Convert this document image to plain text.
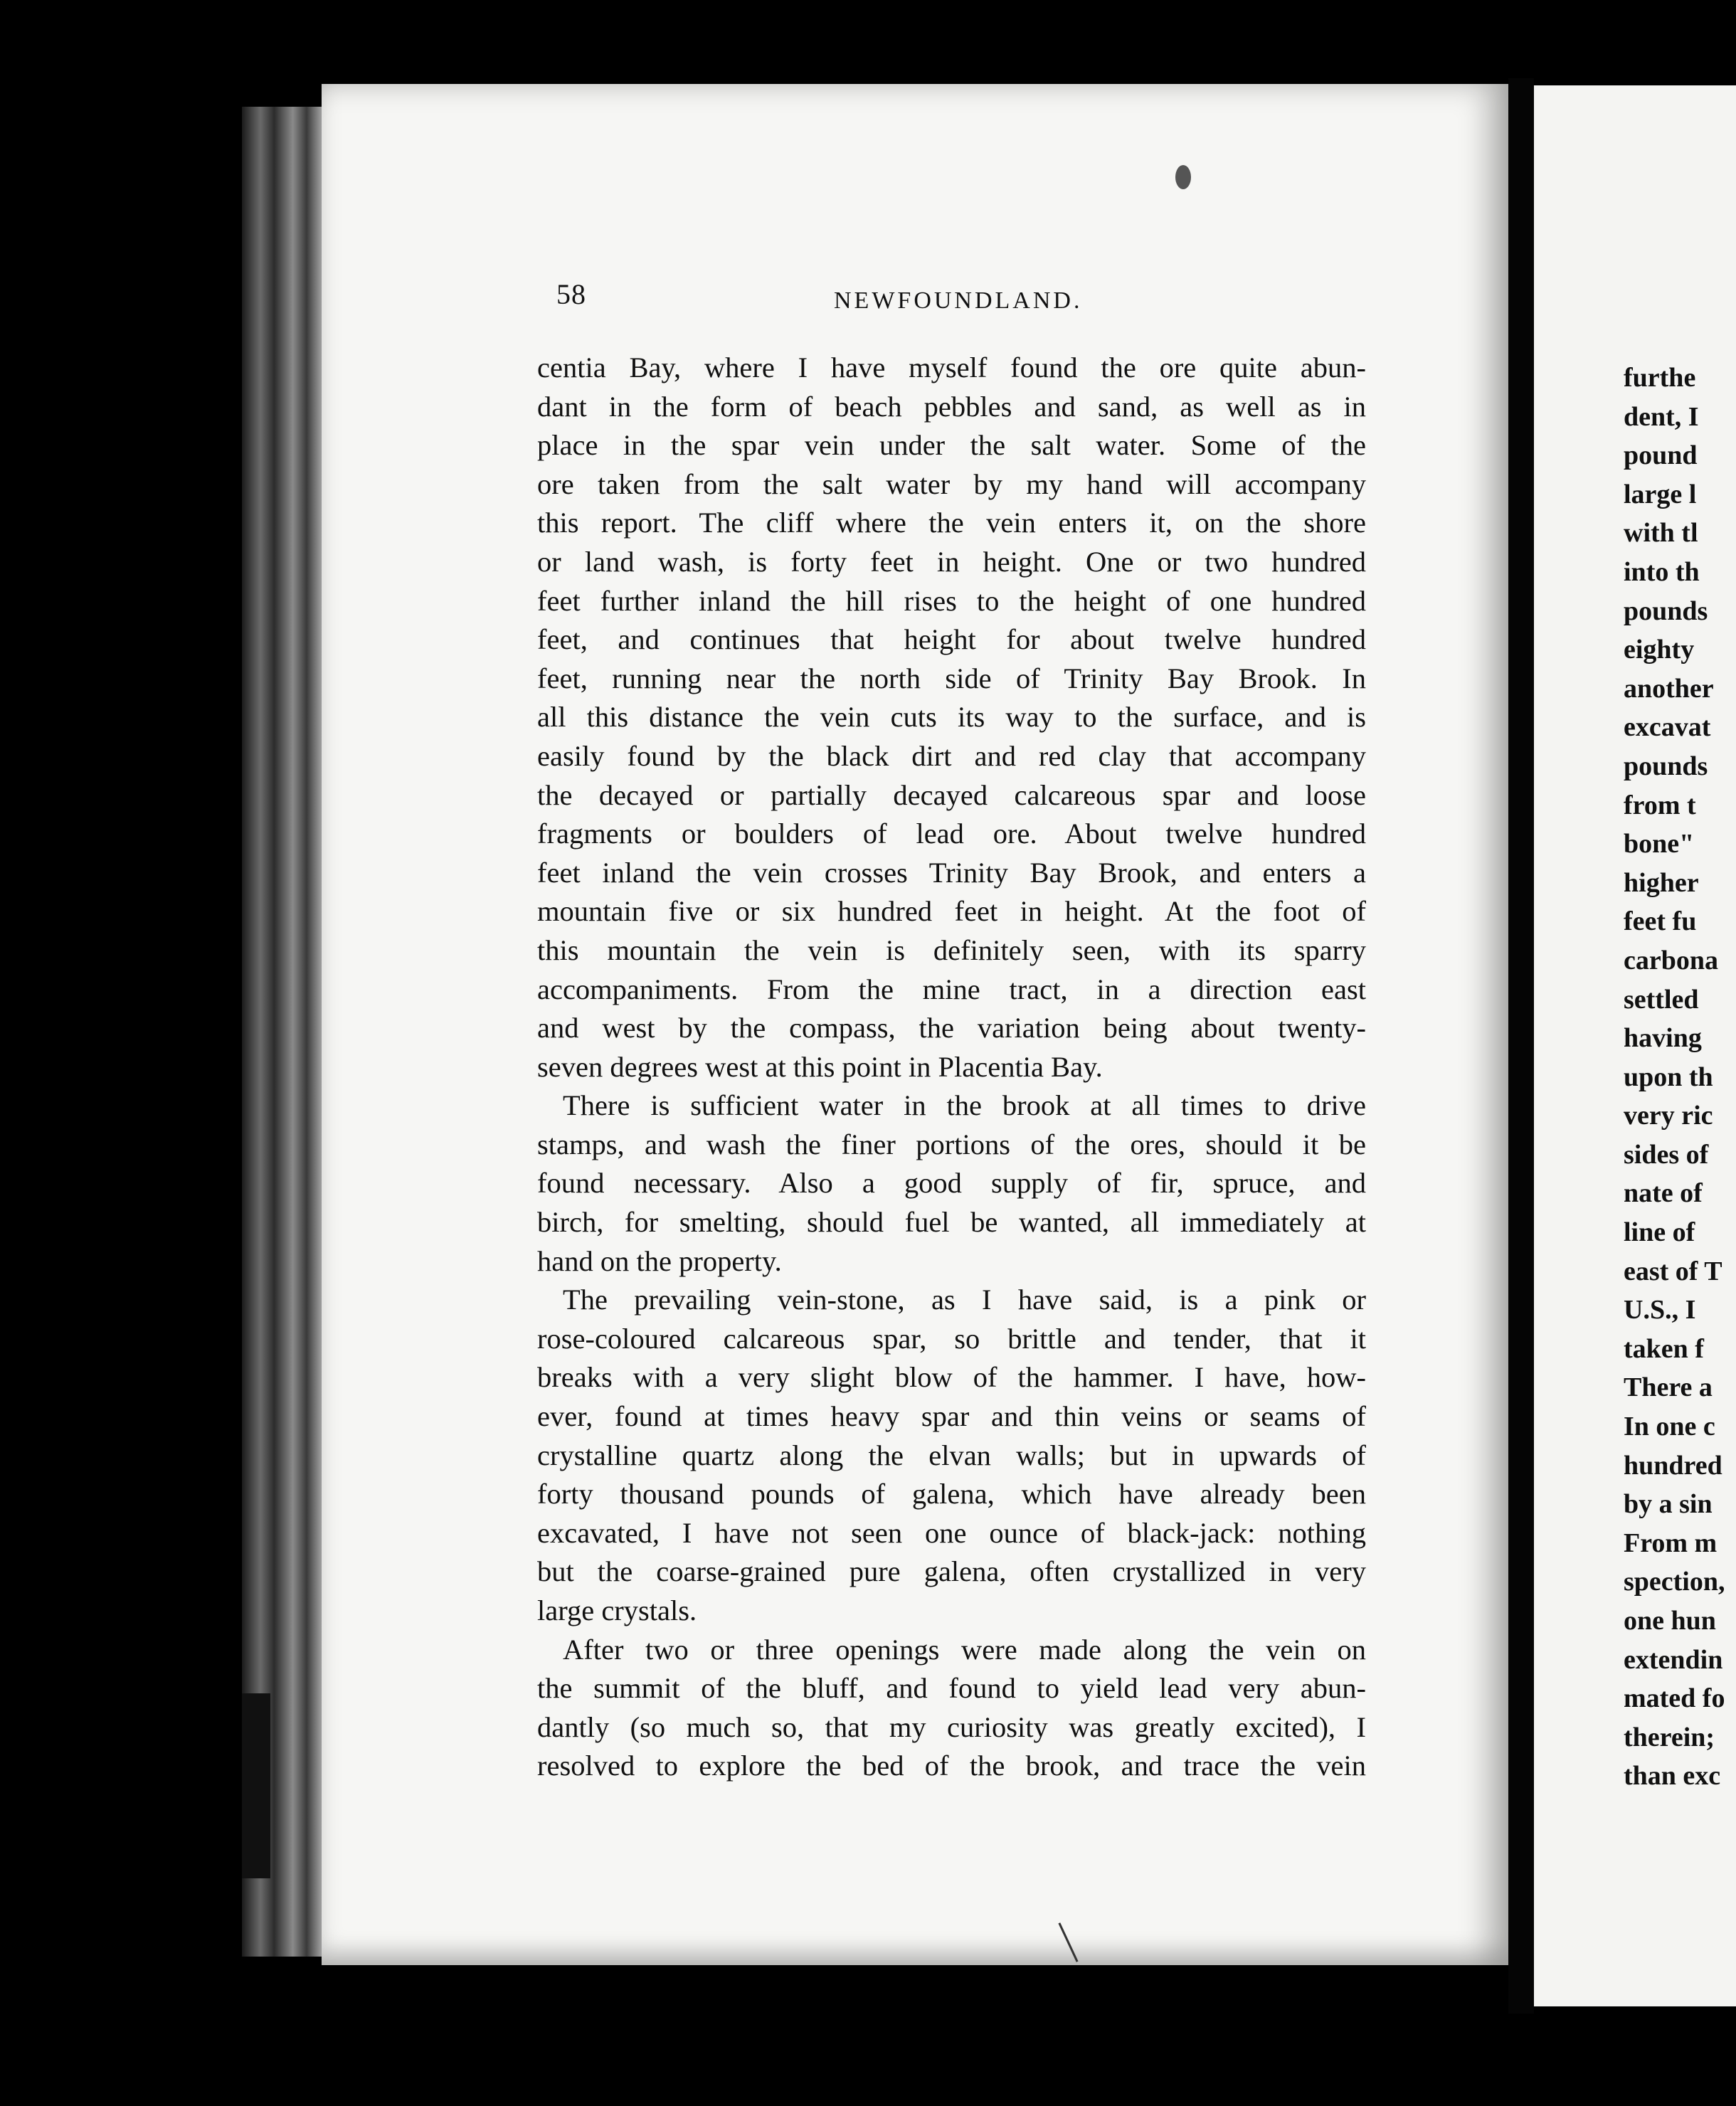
58	NEWFOUNDLAND.
centia Bay, where I have myself found the ore quite abun-
dant in the form of beach pebbles and sand, as well as in
place in the spar vein under the salt water. Some of the
ore taken from the salt water by my hand will accompany
this report. The cliff where the vein enters it, on the shore
or land wash, is forty feet in height. One or two hundred
feet further inland the hill rises to the height of one hundred
feet, and continues that height for about twelve hundred
feet, running near the north side of Trinity Bay Brook. In
all this distance the vein cuts its way to the surface, and is
easily found by the black dirt and red clay that accompany
the decayed or partially decayed calcareous spar and loose
fragments or boulders of lead ore. About twelve hundred
feet inland the vein crosses Trinity Bay Brook, and enters a
mountain five or six hundred feet in height. At the foot of
this mountain the vein is definitely seen, with its sparry
accompaniments. From the mine tract, in a direction east
and west by the compass, the variation being about twenty-
seven degrees west at this point in Placentia Bay.
There is sufficient water in the brook at all times to drive
stamps, and wash the finer portions of the ores, should it be
found necessary. Also a good supply of fir, spruce, and
birch, for smelting, should fuel be wanted, all immediately at
hand on the property.
The prevailing vein-stone, as I have said, is a pink or
rose-coloured calcareous spar, so brittle and tender, that it
breaks with a very slight blow of the hammer. I have, how-
ever, found at times heavy spar and thin veins or seams of
crystalline quartz along the elvan walls; but in upwards of
forty thousand pounds of galena, which have already been
excavated, I have not seen one ounce of black-jack: nothing
but the coarse-grained pure galena, often crystallized in very
large crystals.
After two or three openings were made along the vein on
the summit of the bluff, and found to yield lead very abun-
dantly (so much so, that my curiosity was greatly excited), I
resolved to explore the bed of the brook, and trace the vein
furthe
dent, I
pound
large l
with tl
into th
pounds
eighty
another
excavat
pounds
from t
bone"
higher
feet fu
carbona
settled
having
upon th
very ric
sides of
nate of
line of
east of T
U.S., I
taken f
There a
In one c
hundred
by a sin
From m
spection,
one hun
extendin
mated fo
therein;
than exc
